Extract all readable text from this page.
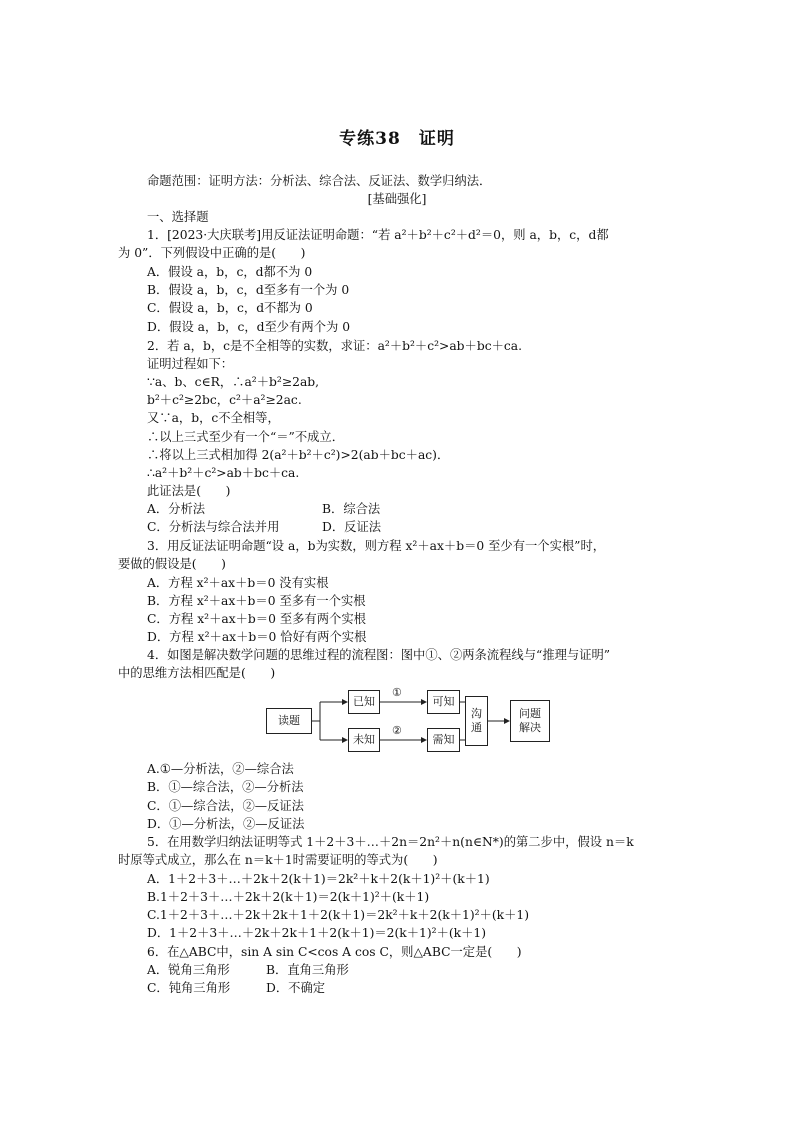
专练38　证明
命题范围：证明方法：分析法、综合法、反证法、数学归纳法．
[基础强化]
一、选择题
1．[2023·大庆联考]用反证法证明命题：“若 a²＋b²＋c²＋d²＝0，则 a，b，c，d都
为 0”．下列假设中正确的是(　　)
A．假设 a，b，c，d都不为 0
B．假设 a，b，c，d至多有一个为 0
C．假设 a，b，c，d不都为 0
D．假设 a，b，c，d至少有两个为 0
2．若 a，b，c是不全相等的实数，求证：a²＋b²＋c²>ab＋bc＋ca.
证明过程如下：
∵a、b、c∈R，∴a²＋b²≥2ab,
b²＋c²≥2bc，c²＋a²≥2ac.
又∵a，b，c不全相等，
∴以上三式至少有一个“＝”不成立．
∴将以上三式相加得 2(a²＋b²＋c²)>2(ab＋bc＋ac)．
∴a²＋b²＋c²>ab＋bc＋ca.
此证法是(　　)
A．分析法	B．综合法
C．分析法与综合法并用	D．反证法
3．用反证法证明命题“设 a，b为实数，则方程 x²＋ax＋b＝0 至少有一个实根”时，
要做的假设是(　　)
A．方程 x²＋ax＋b＝0 没有实根
B．方程 x²＋ax＋b＝0 至多有一个实根
C．方程 x²＋ax＋b＝0 至多有两个实根
D．方程 x²＋ax＋b＝0 恰好有两个实根
4．如图是解决数学问题的思维过程的流程图：图中①、②两条流程线与“推理与证明”
中的思维方法相匹配是(　　)
读题
已知
未知
①
②
可知
需知
沟
通
问题
解决
A.①—分析法，②—综合法
B．①—综合法，②—分析法
C．①—综合法，②—反证法
D．①—分析法，②—反证法
5．在用数学归纳法证明等式 1＋2＋3＋…＋2n＝2n²＋n(n∈N*)的第二步中，假设 n＝k
时原等式成立，那么在 n＝k＋1时需要证明的等式为(　　)
A．1＋2＋3＋…＋2k＋2(k＋1)＝2k²＋k＋2(k＋1)²＋(k＋1)
B.1＋2＋3＋…＋2k＋2(k＋1)＝2(k＋1)²＋(k＋1)
C.1＋2＋3＋…＋2k＋2k＋1＋2(k＋1)＝2k²＋k＋2(k＋1)²＋(k＋1)
D．1＋2＋3＋…＋2k＋2k＋1＋2(k＋1)＝2(k＋1)²＋(k＋1)
6．在△ABC中，sin A sin C<cos A cos C，则△ABC一定是(　　)
A．锐角三角形	B．直角三角形
C．钝角三角形	D．不确定
